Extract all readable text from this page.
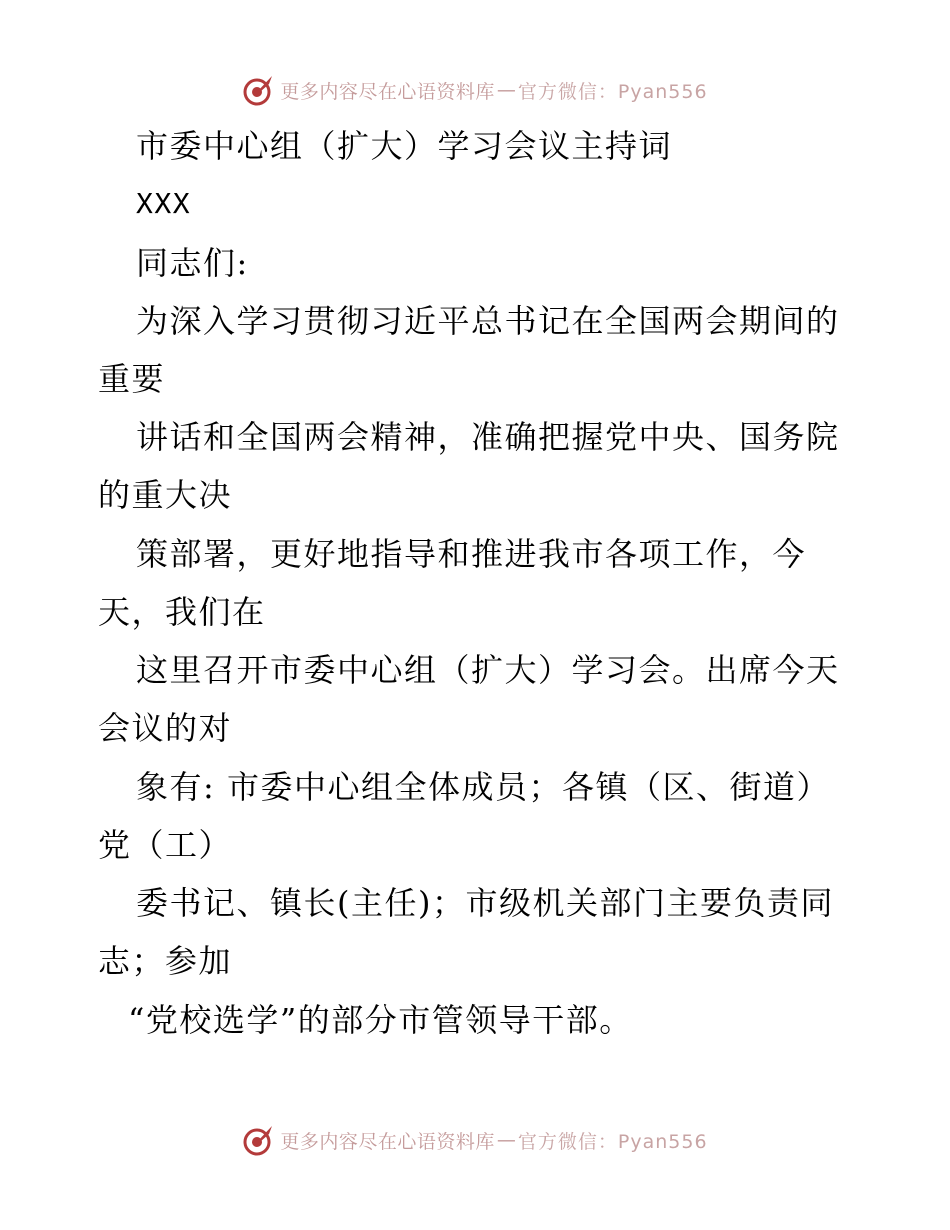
更多内容尽在心语资料库 — 官方微信：Pyan556
市委中心组（扩大）学习会议主持词
XXX
同志们:
为深入学习贯彻习近平总书记在全国两会期间的
重要
讲话和全国两会精神，准确把握党中央、国务院
的重大决
策部署，更好地指导和推进我市各项工作，今
天，我们在
这里召开市委中心组（扩大）学习会。出席今天
会议的对
象有: 市委中心组全体成员；各镇（区、街道）
党（工）
委书记、镇长(主任)；市级机关部门主要负责同
志；参加
“党校选学”的部分市管领导干部。
更多内容尽在心语资料库 — 官方微信：Pyan556
